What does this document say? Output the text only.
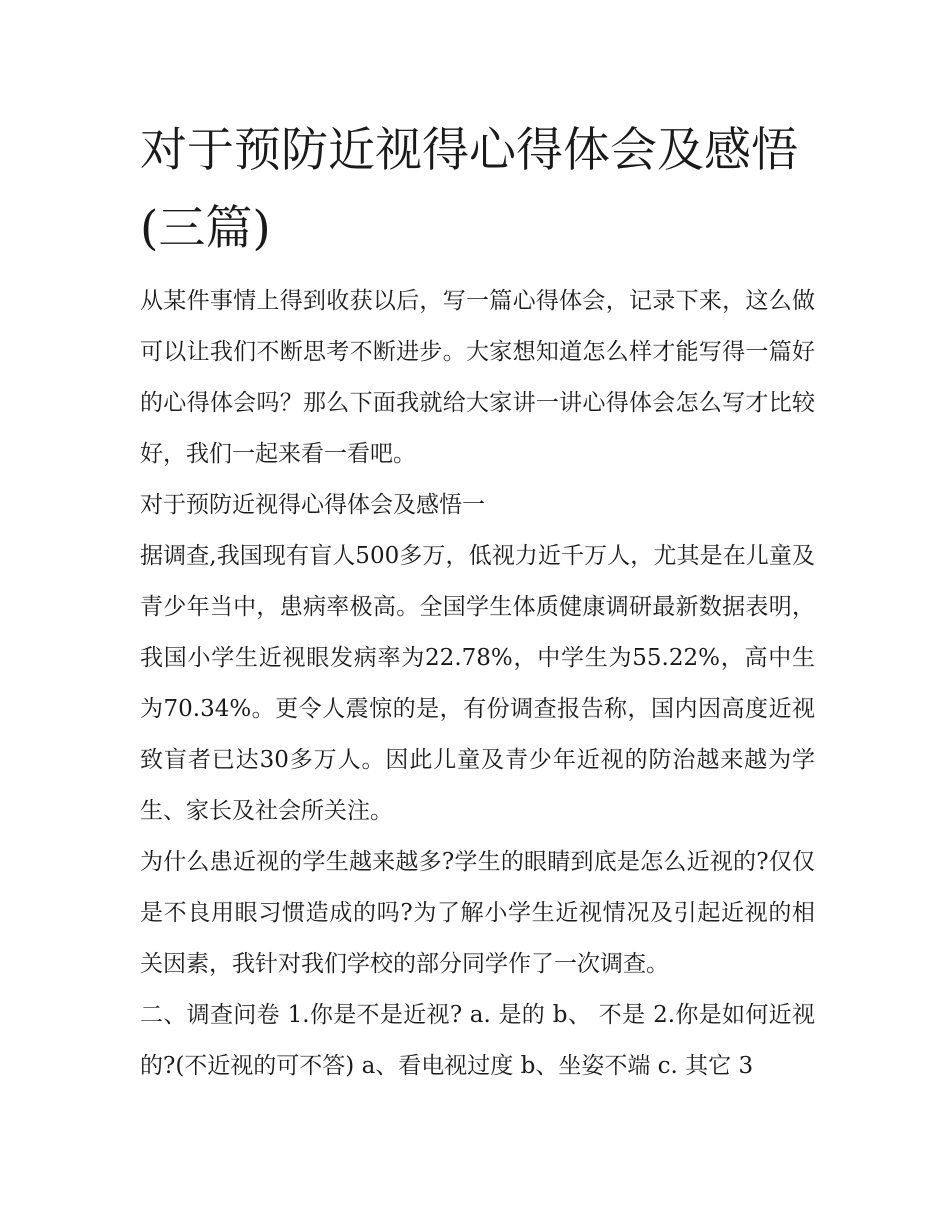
对于预防近视得心得体会及感悟(三篇)

从某件事情上得到收获以后，写一篇心得体会，记录下来，这么做可以让我们不断思考不断进步。大家想知道怎么样才能写得一篇好的心得体会吗？那么下面我就给大家讲一讲心得体会怎么写才比较好，我们一起来看一看吧。

对于预防近视得心得体会及感悟一

据调查,我国现有盲人500多万，低视力近千万人，尤其是在儿童及青少年当中，患病率极高。全国学生体质健康调研最新数据表明，我国小学生近视眼发病率为22.78%，中学生为55.22%，高中生为70.34%。更令人震惊的是，有份调查报告称，国内因高度近视致盲者已达30多万人。因此儿童及青少年近视的防治越来越为学生、家长及社会所关注。

为什么患近视的学生越来越多?学生的眼睛到底是怎么近视的?仅仅是不良用眼习惯造成的吗?为了解小学生近视情况及引起近视的相关因素，我针对我们学校的部分同学作了一次调查。

二、调查问卷 1.你是不是近视? a. 是的 b、 不是 2.你是如何近视的?(不近视的可不答) a、看电视过度 b、坐姿不端 c. 其它 3
